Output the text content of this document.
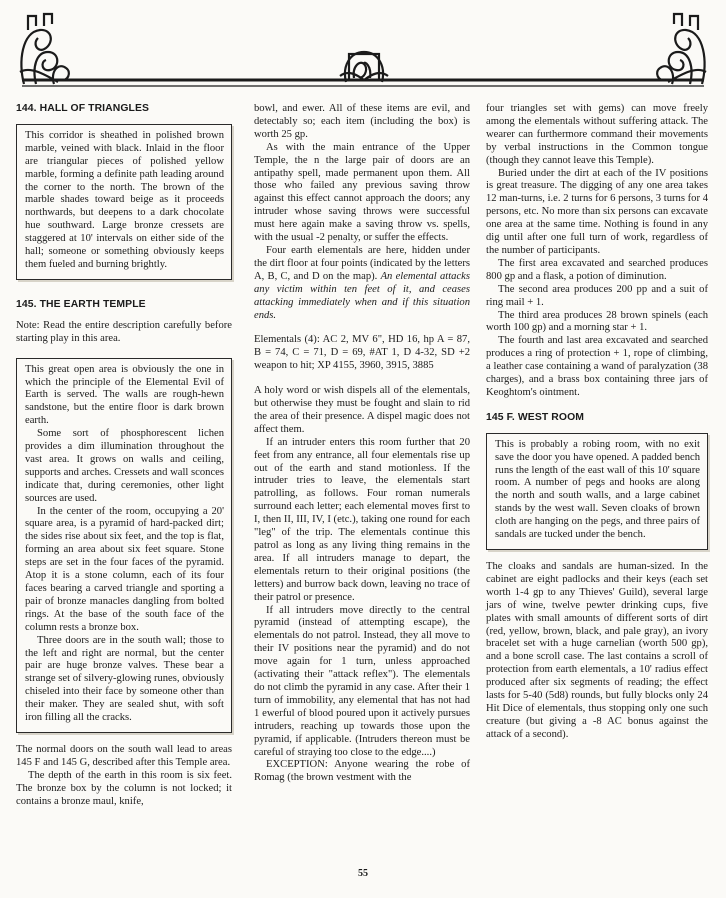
144. HALL OF TRIANGLES

This corridor is sheathed in polished brown marble, veined with black. Inlaid in the floor are triangular pieces of polished yellow marble, forming a definite path leading around the corner to the north. The brown of the marble shades toward beige as it proceeds northwards, but deepens to a dark chocolate hue southward. Large bronze cressets are staggered at 10' intervals on either side of the hall; someone or something obviously keeps them fueled and burning brightly.

145. THE EARTH TEMPLE

Note: Read the entire description carefully before starting play in this area.

This great open area is obviously the one in which the principle of the Elemental Evil of Earth is served. The walls are rough-hewn sandstone, but the entire floor is dark brown earth.

Some sort of phosphorescent lichen provides a dim illumination throughout the vast area. It grows on walls and ceiling, supports and arches. Cressets and wall sconces indicate that, during ceremonies, other light sources are used.

In the center of the room, occupying a 20' square area, is a pyramid of hard-packed dirt; the sides rise about six feet, and the top is flat, forming an area about six feet square. Stone steps are set in the four faces of the pyramid. Atop it is a stone column, each of its four faces bearing a carved triangle and sporting a pair of bronze manacles dangling from bolted rings. At the base of the south face of the column rests a bronze box.

Three doors are in the south wall; those to the left and right are normal, but the center pair are huge bronze valves. These bear a strange set of silvery-glowing runes, obviously chiseled into their face by someone other than their maker. They are sealed shut, with soft iron filling all the cracks.

The normal doors on the south wall lead to areas 145 F and 145 G, described after this Temple area.

The depth of the earth in this room is six feet. The bronze box by the column is not locked; it contains a bronze maul, knife,

bowl, and ewer. All of these items are evil, and detectably so; each item (including the box) is worth 25 gp.

As with the main entrance of the Upper Temple, the n the large pair of doors are an antipathy spell, made permanent upon them. All those who failed any previous saving throw against this effect cannot approach the doors; any intruder whose saving throws were successful must here again make a saving throw vs. spells, with the usual -2 penalty, or suffer the effects.

Four earth elementals are here, hidden under the dirt floor at four points (indicated by the letters A, B, C, and D on the map). An elemental attacks any victim within ten feet of it, and ceases attacking immediately when and if this situation ends.

Elementals (4): AC 2, MV 6", HD 16, hp A = 87, B = 74, C = 71, D = 69, #AT 1, D 4-32, SD +2 weapon to hit; XP 4155, 3960, 3915, 3885

A holy word or wish dispels all of the elementals, but otherwise they must be fought and slain to rid the area of their presence. A dispel magic does not affect them.

If an intruder enters this room further that 20 feet from any entrance, all four elementals rise up out of the earth and stand motionless. If the intruder tries to leave, the elementals start patrolling, as follows. Four roman numerals surround each letter; each elemental moves first to I, then II, III, IV, I (etc.), taking one round for each "leg" of the trip. The elementals continue this patrol as long as any living thing remains in the area. If all intruders manage to depart, the elementals return to their original positions (the letters) and burrow back down, leaving no trace of their patrol or presence.

If all intruders move directly to the central pyramid (instead of attempting escape), the elementals do not patrol. Instead, they all move to their IV positions near the pyramid) and do not move again for 1 turn, unless approached (activating their "attack reflex"). The elementals do not climb the pyramid in any case. After their 1 turn of immobility, any elemental that has not had 1 ewerful of blood poured upon it actively pursues intruders, reaching up towards those upon the pyramid, if applicable. (Intruders thereon must be careful of straying too close to the edge....)

EXCEPTION: Anyone wearing the robe of Romag (the brown vestment with the

four triangles set with gems) can move freely among the elementals without suffering attack. The wearer can furthermore command their movements by verbal instructions in the Common tongue (though they cannot leave this Temple).

Buried under the dirt at each of the IV positions is great treasure. The digging of any one area takes 12 man-turns, i.e. 2 turns for 6 persons, 3 turns for 4 persons, etc. No more than six persons can excavate one area at the same time. Nothing is found in any dig until after one full turn of work, regardless of the number of participants.

The first area excavated and searched produces 800 gp and a flask, a potion of diminution.

The second area produces 200 pp and a suit of ring mail + 1.

The third area produces 28 brown spinels (each worth 100 gp) and a morning star + 1.

The fourth and last area excavated and searched produces a ring of protection + 1, rope of climbing, a leather case containing a wand of paralyzation (38 charges), and a brass box containing three jars of Keoghtom's ointment.

145 F. WEST ROOM

This is probably a robing room, with no exit save the door you have opened. A padded bench runs the length of the east wall of this 10' square room. A number of pegs and hooks are along the north and south walls, and a large cabinet stands by the west wall. Seven cloaks of brown cloth are hanging on the pegs, and three pairs of sandals are tucked under the bench.

The cloaks and sandals are human-sized. In the cabinet are eight padlocks and their keys (each set worth 1-4 gp to any Thieves' Guild), several large jars of wine, twelve pewter drinking cups, five plates with small amounts of different sorts of dirt (red, yellow, brown, black, and pale gray), an ivory bracelet set with a huge carnelian (worth 500 gp), and a bone scroll case. The last contains a scroll of protection from earth elementals, a 10' radius effect produced after six segments of reading; the effect lasts for 5-40 (5d8) rounds, but fully blocks only 24 Hit Dice of elementals, thus stopping only one such creature (but giving a -8 AC bonus against the attack of a second).

55
